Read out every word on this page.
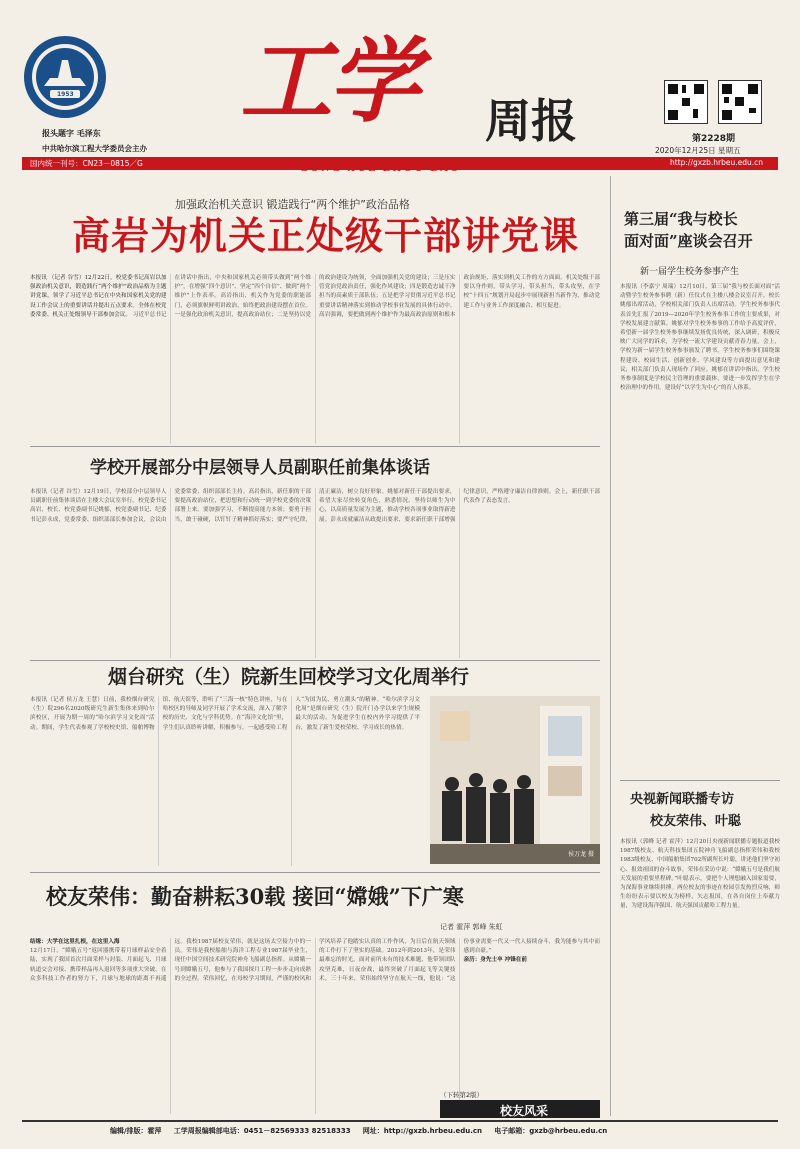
1953
报头题字 毛泽东
中共哈尔滨工程大学委员会主办
工学	周报	第2228期
2020年12月25日 星期五
国内统一刊号：CN23－0815／G	http://gxzb.hrbeu.edu.cn
加强政治机关意识 锻造践行“两个维护”政治品格
高岩为机关正处级干部讲党课
本报讯 （记者 谷雪）12月22日，校党委书记高岩以加强政治机关意识，锻造践行“两个维护”政治品格为主题讲党课，领学了习近平总书记在中央和国家机关党的建设工作会议上的重要讲话并提出五点要求。全体在校党委常委、机关正处级领导干部参加会议。 习近平总书记在讲话中指出，中央和国家机关必须带头做到“两个维护”，在增强“四个意识”、坚定“四个自信”、做到“两个维护”上作表率。高岩指出，机关作为党委的职能部门，必须旗帜鲜明讲政治，始终把政治建设摆在首位。一是强化政治机关意识，提高政治站位；二是坚持以党的政治建设为统领，全面加强机关党的建设；三是压实管党治党政治责任，强化作风建设；四是锻造忠诚干净担当的高素质干部队伍；五是把学习贯彻习近平总书记重要讲话精神落实到推动学校事业发展的具体行动中。高岩强调，要把做到两个维护作为最高政治原则和根本政治规矩，落实到机关工作的方方面面。机关处级干部要以身作则，带头学习，带头担当，带头攻坚，在学校“十四五”规划开局起步中展现新担当新作为，推动党建工作与业务工作深度融合、相互促进。
学校开展部分中层领导人员副职任前集体谈话
本报讯（记者 谷雪）12月19日，学校部分中层领导人员副职任前集体谈话在主楼大会议室举行。校党委书记高岩，校长、校党委副书记姚郁，校党委副书记、纪委书记彭永成，党委常委、组织部部长参加会议，会议由党委常委、组织部部长主持。高岩指出，新任职的干部要提高政治站位，把思想和行动统一到学校党委的决策部署上来。要加强学习，不断提高能力本领；要勇于担当，敢于碰硬，以钉钉子精神抓好落实；要严守纪律，清正廉洁，树立良好形象。姚郁对新任干部提出要求，希望大家尽快转变角色，熟悉情况，坚持以师生为中心，以高质量发展为主题，推动学校各项事业取得新进展。彭永成就廉洁从政提出要求，要求新任职干部增强纪律意识，严格遵守廉洁自律准则。会上，新任职干部代表作了表态发言。
烟台研究（生）院新生回校学习文化周举行
本报讯（记者 侯万龙 王慧）日前，我校烟台研究（生）院296名2020级研究生新生集体来到哈尔滨校区，开展为期一周的“哈尔滨学习文化周”活动。期间，学生代表参观了学校校史馆、船舶博物馆、航天馆等，聆听了“三海一核”特色讲座，与在哈校区的导师及同学开展了学术交流，深入了解学校的历史、文化与学科优势。在“海洋文化馆”里，学生们认真聆听讲解，积极参与，一起感受哈工程人“为国为民、勇立潮头”的精神。“哈尔滨学习文化周”是烟台研究（生）院开门办学以来学生规模最大的活动，为促进学生在校内外学习提供了平台，激发了新生爱校荣校、学习成长的热情。
侯万龙 摄
校友荣伟：勤奋耕耘30载 接回“嫦娥”下广寒
记者 霍萍 郭峰 朱虹
结缘：大学在这里扎根，在这里入海
12月17日，“嫦娥五号”返回器携带着月球样品安全着陆，实现了我国首次月面采样与封装、月面起飞、月球轨道交会对接、携带样品再入返回等多项重大突破。在众多科技工作者的努力下，月球与地球的距离不再遥远。我校1987届校友荣伟，就是这场太空接力中的一员。荣伟是我校船舶与海洋工程专业1987届毕业生，现任中国空间技术研究院神舟飞船副总指挥。从嫦娥一号到嫦娥五号，他参与了我国探月工程一步步走向成熟的全过程。荣伟回忆，在母校学习期间，严谨的校风和学风培养了他踏实认真的工作作风，为日后在航天领域的工作打下了坚实的基础。2012年到2013年，是荣伟最难忘的时光，面对前所未有的技术难题，他带领团队攻坚克难，日夜奋战，最终突破了月面起飞等关键技术。三十年来，荣伟始终坚守在航天一线，他说：“这份事业需要一代又一代人接续奋斗，我为能参与其中而感到自豪。”
亲历：身先士卒 冲锋在前
（下转第2版）
校友风采
第三届“我与校长
面对面”座谈会召开
新一届学生校务参事产生
本报讯（李嘉宁 周瑞）12月10日，第三届“我与校长面对面”活动暨学生校务参事聘（新）任仪式在主楼八楼会议室召开。校长姚郁出席活动，学校相关部门负责人出席活动。学生校务参事代表首先汇报了2019—2020年学生校务参事工作的主要成果，对学校发展建言献策。姚郁对学生校务参事的工作给予高度评价，希望新一届学生校务参事继续发扬优良传统，深入调研，积极反映广大同学的诉求，为学校一流大学建设贡献青春力量。会上，学校为新一届学生校务参事颁发了聘书。学生校务参事们围绕课程建设、校园生活、创新创业、学风建设等方面提出意见和建议，相关部门负责人现场作了回应。姚郁在讲话中指出，学生校务参事制度是学校民主管理的重要载体，要进一步发挥学生在学校治理中的作用，建设好“以学生为中心”的育人体系。
央视新闻联播专访
校友荣伟、叶聪
本报讯（郭峰 记者 霍萍）12月20日央视新闻联播专题报道我校1987级校友、航天科技集团五院神舟飞船副总指挥荣伟和我校1983级校友、中国船舶集团702所副所长叶聪，讲述他们坚守初心、报效祖国的奋斗故事。荣伟在采访中说：“嫦娥五号是我们航天发展的重要里程碑。”叶聪表示，要把个人理想融入国家需要，为深海事业继续拼搏。两位校友的事迹在校园引发热烈反响，师生纷纷表示要以校友为榜样，矢志报国，在各自岗位上奉献力量，为建设海洋强国、航天强国贡献哈工程力量。
编辑/排版：霍萍 工学周报编辑部电话：0451－82569333 82518333 网址：http://gxzb.hrbeu.edu.cn 电子邮箱：gxzb@hrbeu.edu.cn
